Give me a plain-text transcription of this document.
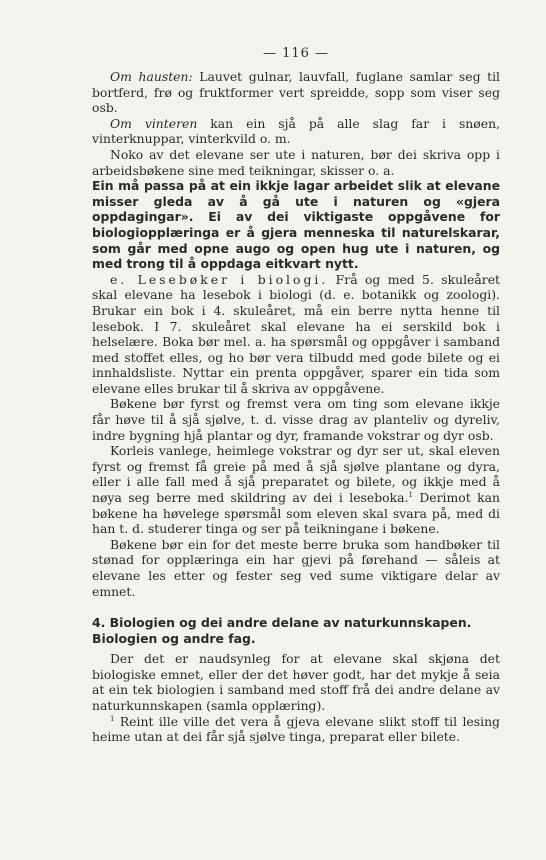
— 116 —

Om hausten: Lauvet gulnar, lauvfall, fuglane samlar seg til bortferd, frø og fruktformer vert spreidde, sopp som viser seg osb.

Om vinteren kan ein sjå på alle slag far i snøen, vinterknuppar, vinterkvild o. m.

Noko av det elevane ser ute i naturen, bør dei skriva opp i arbeidsbøkene sine med teikningar, skisser o. a.

Ein må passa på at ein ikkje lagar arbeidet slik at elevane misser gleda av å gå ute i naturen og «gjera oppdagingar». Ei av dei viktigaste oppgåvene for biologiopplæringa er å gjera menneska til naturelskarar, som går med opne augo og open hug ute i naturen, og med trong til å oppdaga eitkvart nytt.

e. Lesebøker i biologi. Frå og med 5. skuleåret skal elevane ha lesebok i biologi (d. e. botanikk og zoologi). Brukar ein bok i 4. skuleåret, må ein berre nytta henne til lesebok. I 7. skuleåret skal elevane ha ei serskild bok i helselære. Boka bør mel. a. ha spørsmål og oppgåver i samband med stoffet elles, og ho bør vera tilbudd med gode bilete og ei innhaldsliste. Nyttar ein prenta oppgåver, sparer ein tida som elevane elles brukar til å skriva av oppgåvene.

Bøkene bør fyrst og fremst vera om ting som elevane ikkje får høve til å sjå sjølve, t. d. visse drag av planteliv og dyreliv, indre bygning hjå plantar og dyr, framande vokstrar og dyr osb.

Korleis vanlege, heimlege vokstrar og dyr ser ut, skal eleven fyrst og fremst få greie på med å sjå sjølve plantane og dyra, eller i alle fall med å sjå preparatet og bilete, og ikkje med å nøya seg berre med skildring av dei i leseboka.$^1$ Derimot kan bøkene ha høvelege spørsmål som eleven skal svara på, med di han t. d. studerer tinga og ser på teikningane i bøkene.

Bøkene bør ein for det meste berre bruka som handbøker til stønad for opplæringa ein har gjevi på førehand — såleis at elevane les etter og fester seg ved sume viktigare delar av emnet.

4. Biologien og dei andre delane av naturkunnskapen.
Biologien og andre fag.

Der det er naudsynleg for at elevane skal skjøna det biologiske emnet, eller der det høver godt, har det mykje å seia at ein tek biologien i samband med stoff frå dei andre delane av naturkunnskapen (samla opplæring).

$^1$ Reint ille ville det vera å gjeva elevane slikt stoff til lesing heime utan at dei får sjå sjølve tinga, preparat eller bilete.
